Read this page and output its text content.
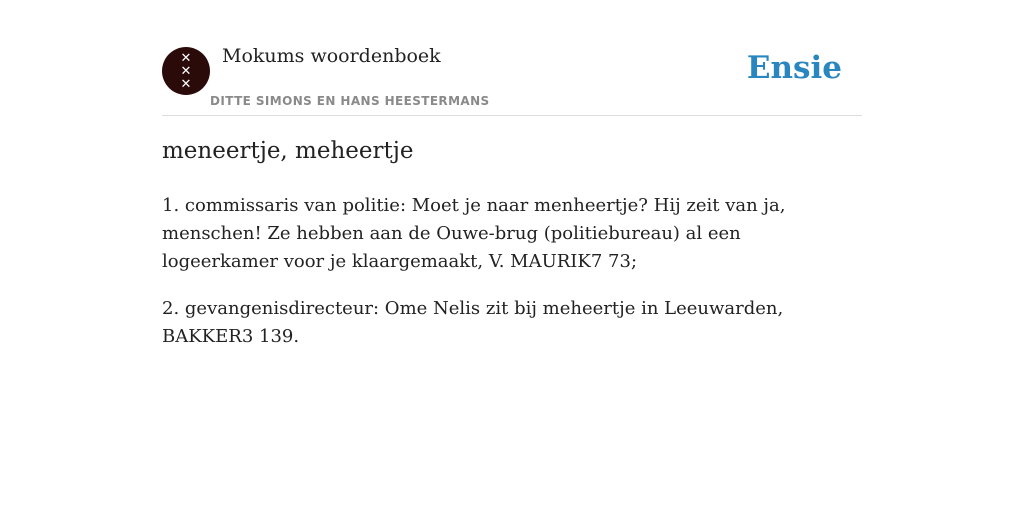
✕
✕
✕
Mokums woordenboek
DITTE SIMONS EN HANS HEESTERMANS
Ensie
meneertje, meheertje

1. commissaris van politie: Moet je naar menheertje? Hij zeit van ja, menschen! Ze hebben aan de Ouwe-brug (politiebureau) al een logeerkamer voor je klaargemaakt, V. MAURIK7 73;

2. gevangenisdirecteur: Ome Nelis zit bij meheertje in Leeuwarden, BAKKER3 139.
